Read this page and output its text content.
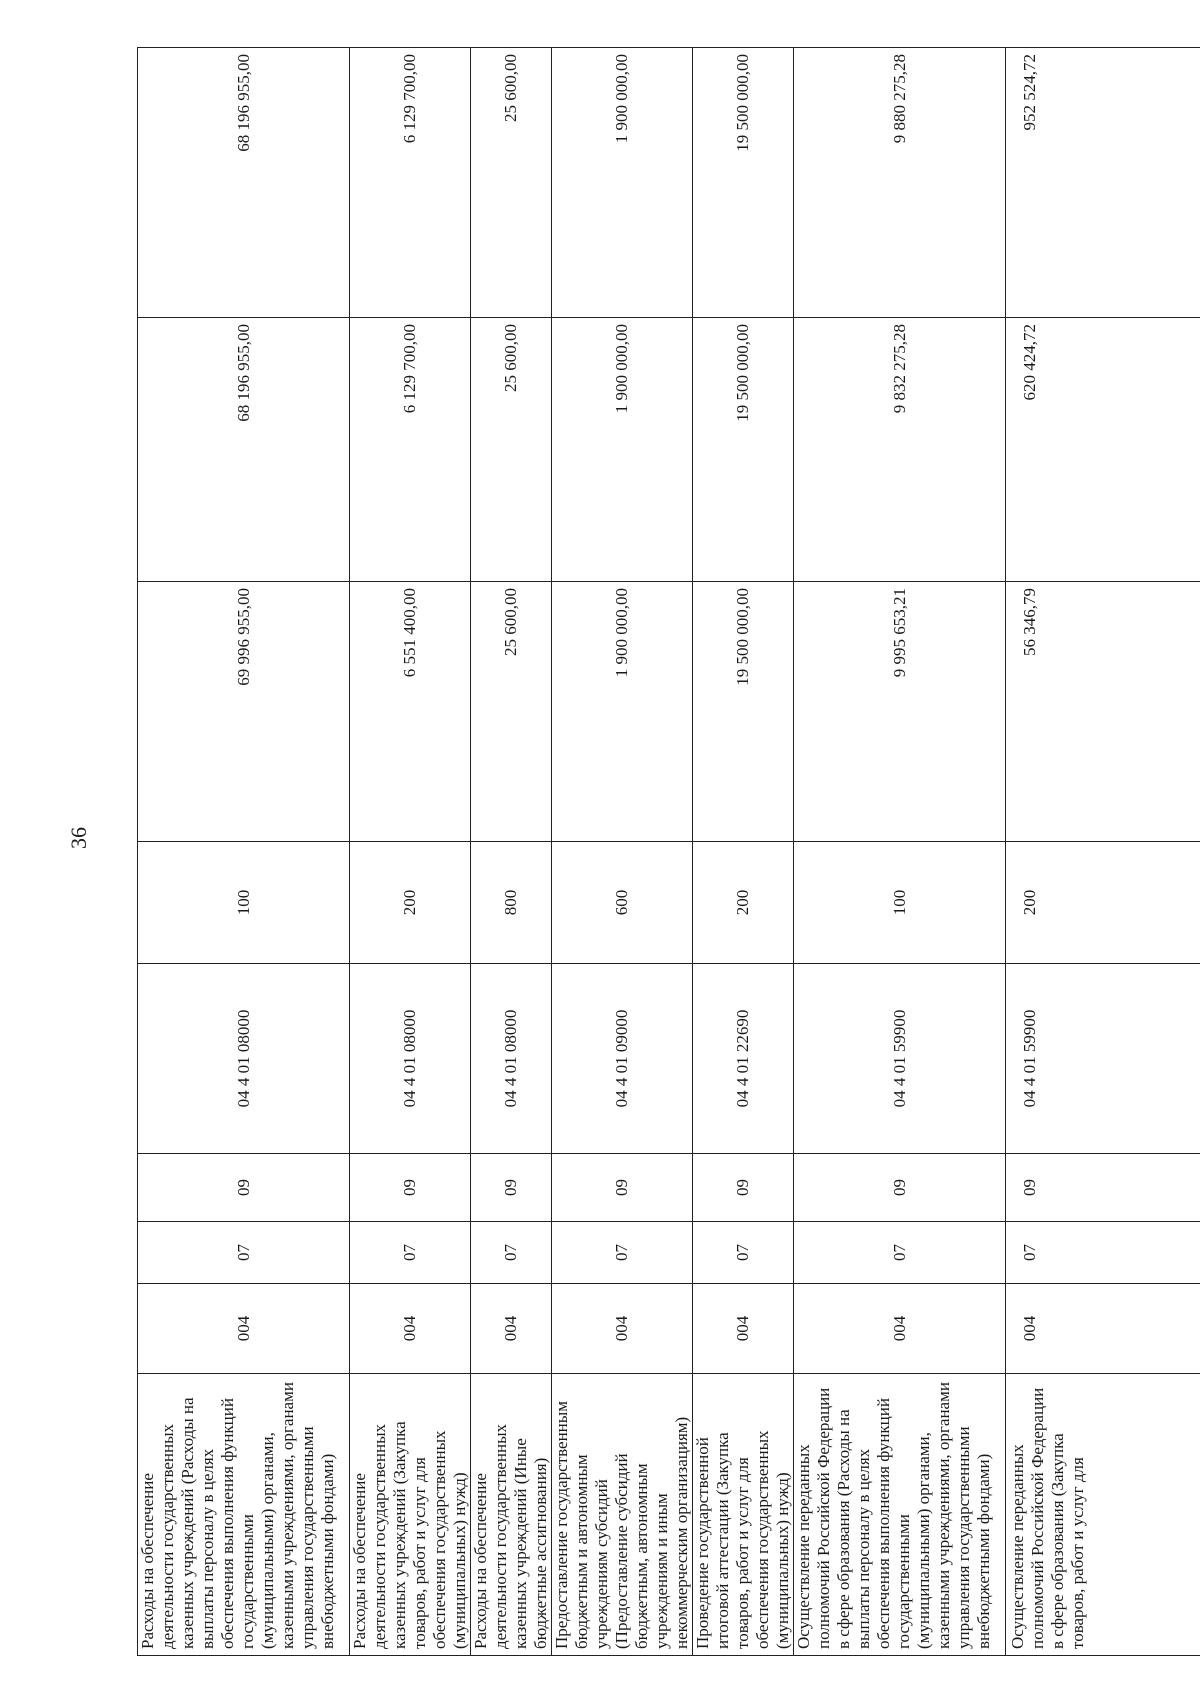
36
Расходы на обеспечение деятельности государственных казенных учреждений (Расходы на выплаты персоналу в целях обеспечения выполнения функций государственными (муниципальными) органами, казенными учреждениями, органами управления государственными внебюджетными фондами)	004	07	09	04 4 01 08000	100	69 996 955,00	68 196 955,00	68 196 955,00
Расходы на обеспечение деятельности государственных казенных учреждений (Закупка товаров, работ и услуг для обеспечения государственных (муниципальных) нужд)	004	07	09	04 4 01 08000	200	6 551 400,00	6 129 700,00	6 129 700,00
Расходы на обеспечение деятельности государственных казенных учреждений (Иные бюджетные ассигнования)	004	07	09	04 4 01 08000	800	25 600,00	25 600,00	25 600,00
Предоставление государственным бюджетным и автономным учреждениям субсидий (Предоставление субсидий бюджетным, автономным учреждениям и иным некоммерческим организациям)	004	07	09	04 4 01 09000	600	1 900 000,00	1 900 000,00	1 900 000,00
Проведение государственной итоговой аттестации (Закупка товаров, работ и услуг для обеспечения государственных (муниципальных) нужд)	004	07	09	04 4 01 22690	200	19 500 000,00	19 500 000,00	19 500 000,00
Осуществление переданных полномочий Российской Федерации в сфере образования (Расходы на выплаты персоналу в целях обеспечения выполнения функций государственными (муниципальными) органами, казенными учреждениями, органами управления государственными внебюджетными фондами)	004	07	09	04 4 01 59900	100	9 995 653,21	9 832 275,28	9 880 275,28
Осуществление переданных полномочий Российской Федерации в сфере образования (Закупка товаров, работ и услуг для	004	07	09	04 4 01 59900	200	56 346,79	620 424,72	952 524,72
